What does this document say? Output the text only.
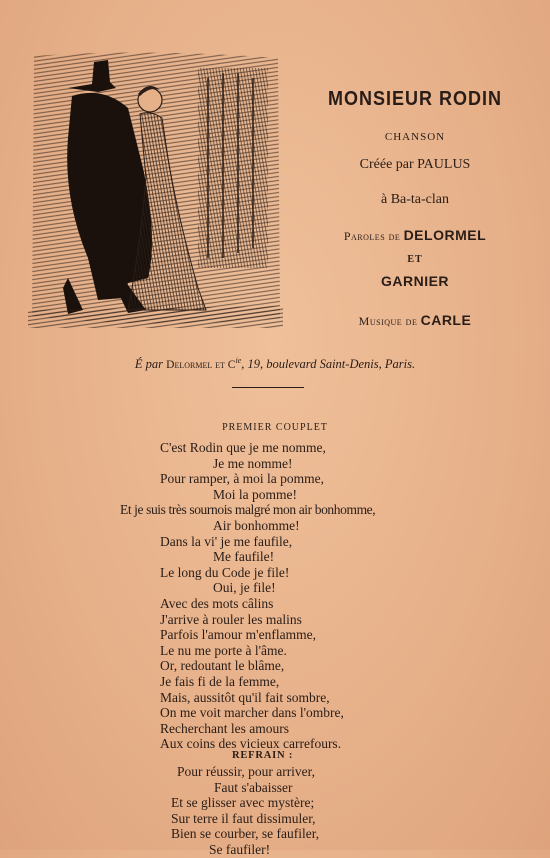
MONSIEUR RODIN

CHANSON

Créée par PAULUS

à Ba-ta-clan

Paroles de DELORMEL

ET

GARNIER

Musique de CARLE

É par Delormel et $C^{ie}$, 19, boulevard Saint-Denis, Paris.
PREMIER COUPLET
C'est Rodin que je me nomme,
Je me nomme!
Pour ramper, à moi la pomme,
Moi la pomme!
Et je suis très sournois malgré mon air bonhomme,
Air bonhomme!
Dans la vi' je me faufile,
Me faufile!
Le long du Code je file!
Oui, je file!
Avec des mots câlins
J'arrive à rouler les malins
Parfois l'amour m'enflamme,
Le nu me porte à l'âme.
Or, redoutant le blâme,
Je fais fi de la femme,
Mais, aussitôt qu'il fait sombre,
On me voit marcher dans l'ombre,
Recherchant les amours
Aux coins des vicieux carrefours.
Pour réussir, pour arriver,
Faut s'abaisser
Et se glisser avec mystère;
Sur terre il faut dissimuler,
Bien se courber, se faufiler,
Se faufiler!
REFRAIN :
